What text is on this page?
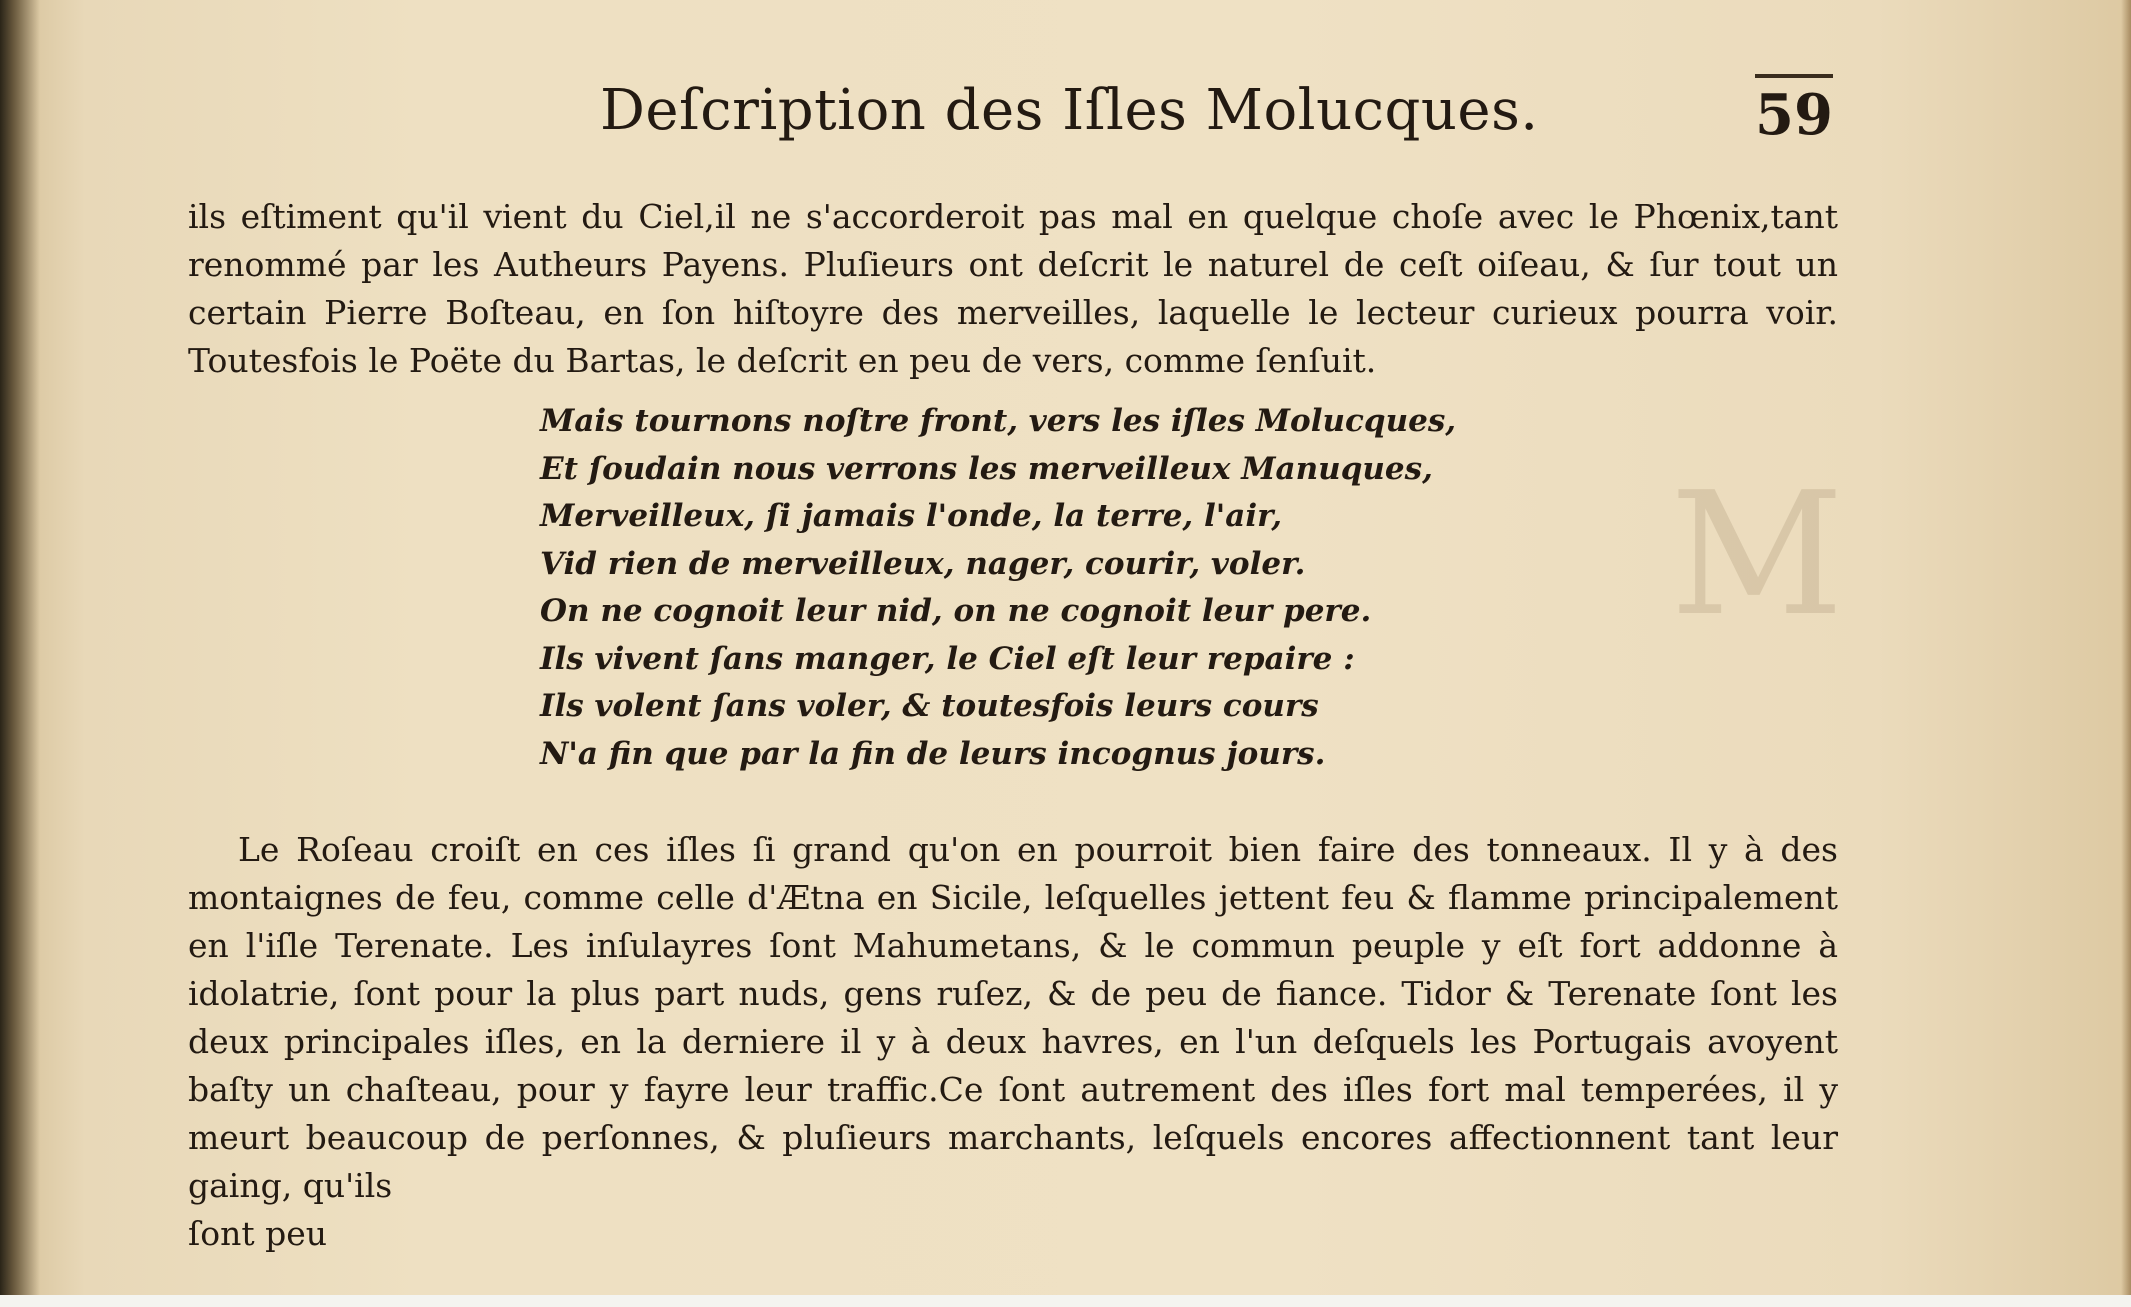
M
Deſcription des Iſles Molucques.	59

ils eſtiment qu'il vient du Ciel,il ne s'accorderoit pas mal en quelque choſe avec le Phœnix,tant renommé par les Autheurs Payens. Pluſieurs ont deſcrit le naturel de ceſt oiſeau, & ſur tout un certain Pierre Boſteau, en ſon hiſtoyre des merveilles, laquelle le lecteur curieux pourra voir. Toutesfois le Poëte du Bartas, le deſcrit en peu de vers, comme ſenſuit.

Mais tournons noſtre front, vers les iſles Molucques,
Et ſoudain nous verrons les merveilleux Manuques,
Merveilleux, ſi jamais l'onde, la terre, l'air,
Vid rien de merveilleux, nager, courir, voler.
On ne cognoit leur nid, on ne cognoit leur pere.
Ils vivent ſans manger, le Ciel eſt leur repaire :
Ils volent ſans voler, & toutesfois leurs cours
N'a fin que par la fin de leurs incognus jours.
Le Roſeau croiſt en ces iſles ſi grand qu'on en pourroit bien faire des tonneaux. Il y à des montaignes de feu, comme celle d'Ætna en Sicile, leſquelles jettent feu & flamme principalement en l'iſle Terenate. Les inſulayres ſont Mahumetans, & le commun peuple y eſt fort addonne à idolatrie, ſont pour la plus part nuds, gens ruſez, & de peu de fiance. Tidor & Terenate ſont les deux principales iſles, en la derniere il y à deux havres, en l'un deſquels les Portugais avoyent baſty un chaſteau, pour y fayre leur traffic.Ce ſont autrement des iſles fort mal temperées, il y meurt beaucoup de perſonnes, & pluſieurs marchants, leſquels encores affectionnent tant leur gaing, qu'ils
ſont peu
